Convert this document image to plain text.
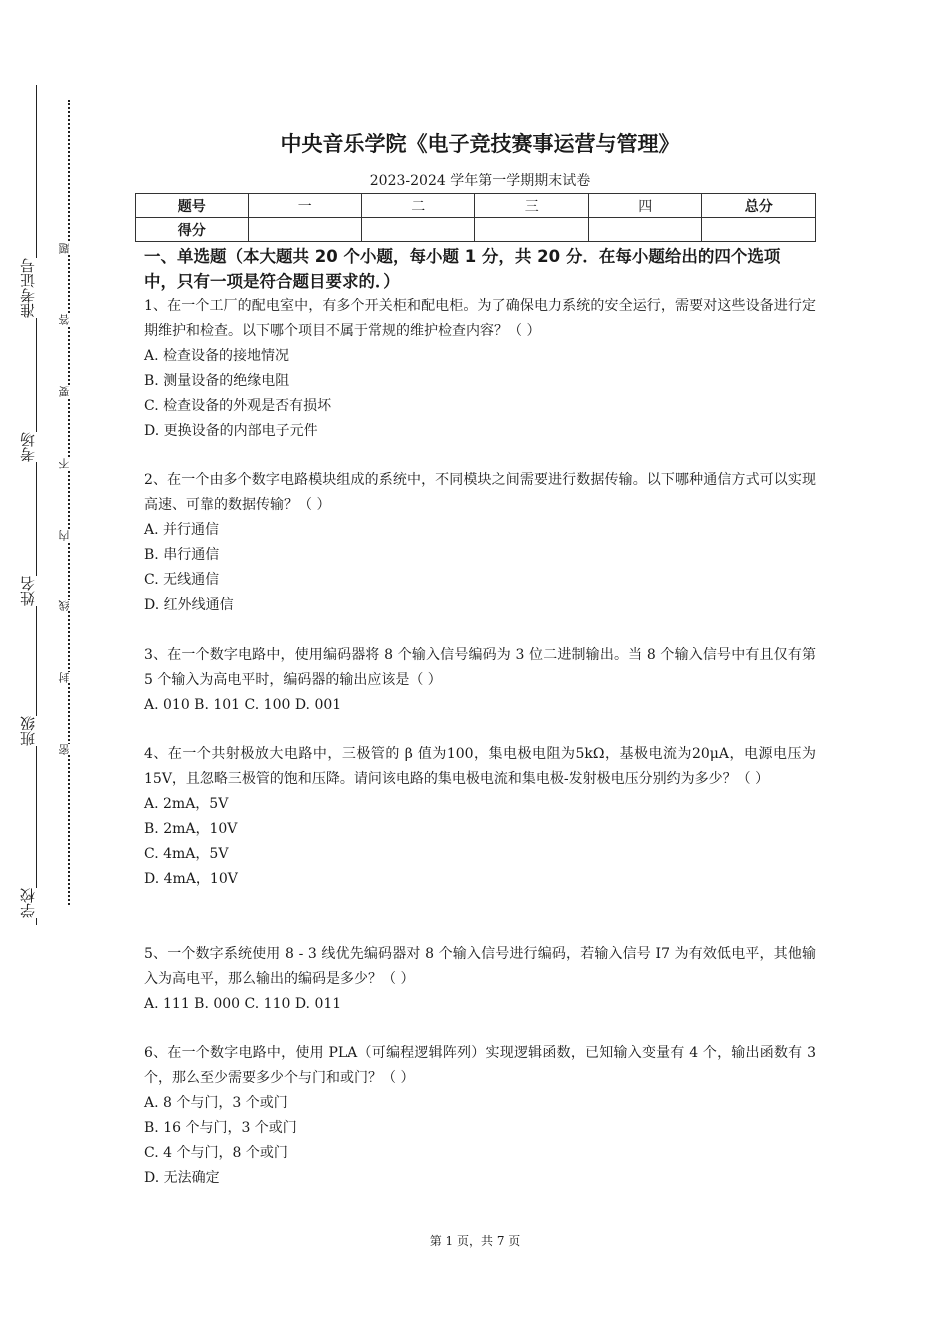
准考证号
考场
姓名
班级
学校
题
答
要
不
内
线
封
密
中央音乐学院《电子竞技赛事运营与管理》
2023-2024 学年第一学期期末试卷
题号	一	二	三	四	总分
得分					
一、单选题（本大题共 20 个小题，每小题 1 分，共 20 分．在每小题给出的四个选项中，只有一项是符合题目要求的．）
1、在一个工厂的配电室中，有多个开关柜和配电柜。为了确保电力系统的安全运行，需要对这些设备进行定期维护和检查。以下哪个项目不属于常规的维护检查内容？（ ）
A. 检查设备的接地情况
B. 测量设备的绝缘电阻
C. 检查设备的外观是否有损坏
D. 更换设备的内部电子元件
2、在一个由多个数字电路模块组成的系统中，不同模块之间需要进行数据传输。以下哪种通信方式可以实现高速、可靠的数据传输？（ ）
A. 并行通信
B. 串行通信
C. 无线通信
D. 红外线通信
3、在一个数字电路中，使用编码器将 8 个输入信号编码为 3 位二进制输出。当 8 个输入信号中有且仅有第 5 个输入为高电平时，编码器的输出应该是（ ）
A. 010 B. 101 C. 100 D. 001
4、在一个共射极放大电路中，三极管的 β 值为100，集电极电阻为5kΩ，基极电流为20μA，电源电压为15V，且忽略三极管的饱和压降。请问该电路的集电极电流和集电极-发射极电压分别约为多少？（ ）
A. 2mA，5V
B. 2mA，10V
C. 4mA，5V
D. 4mA，10V
5、一个数字系统使用 8 - 3 线优先编码器对 8 个输入信号进行编码，若输入信号 I7 为有效低电平，其他输入为高电平，那么输出的编码是多少？（ ）
A. 111 B. 000 C. 110 D. 011
6、在一个数字电路中，使用 PLA（可编程逻辑阵列）实现逻辑函数，已知输入变量有 4 个，输出函数有 3 个，那么至少需要多少个与门和或门？（ ）
A. 8 个与门，3 个或门
B. 16 个与门，3 个或门
C. 4 个与门，8 个或门
D. 无法确定
第 1 页，共 7 页
